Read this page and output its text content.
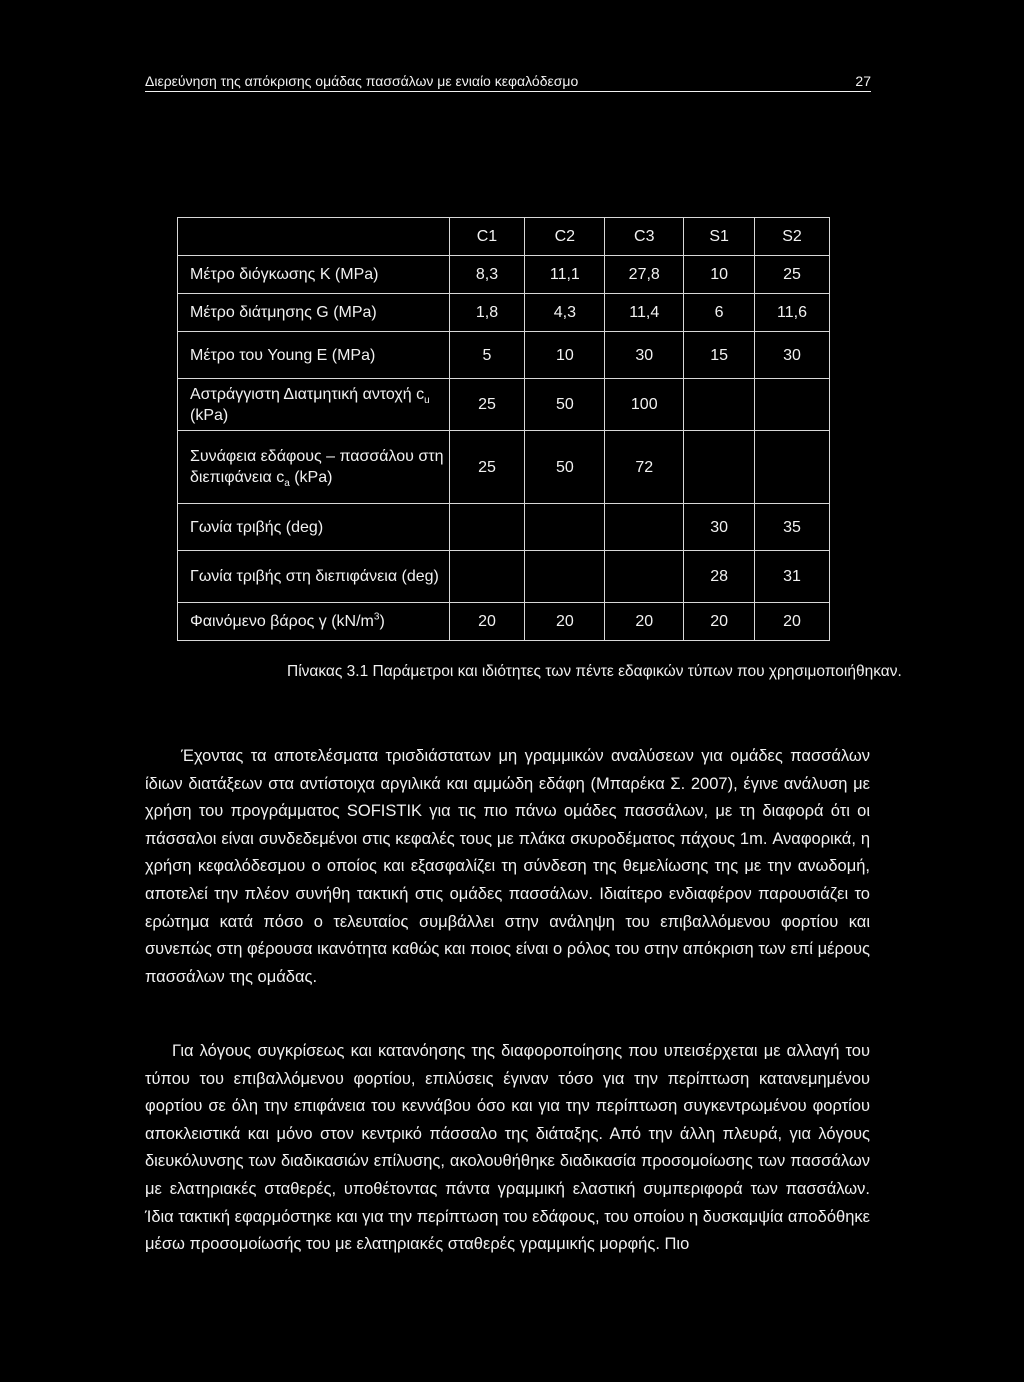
Διερεύνηση της απόκρισης ομάδας πασσάλων με ενιαίο κεφαλόδεσμο	27
	C1	C2	C3	S1	S2
Μέτρο διόγκωσης K (MPa)	8,3	11,1	27,8	10	25
Μέτρο διάτμησης G (MPa)	1,8	4,3	11,4	6	11,6
Μέτρο του Young E (MPa)	5	10	30	15	30
Αστράγγιστη Διατμητική αντοχή $c_u$ (kPa)	25	50	100		
Συνάφεια εδάφους – πασσάλου στη διεπιφάνεια $c_a$ (kPa)	25	50	72		
Γωνία τριβής (deg)				30	35
Γωνία τριβής στη διεπιφάνεια (deg)				28	31
Φαινόμενο βάρος γ $(kN/m^3)$	20	20	20	20	20
Πίνακας 3.1 Παράμετροι και ιδιότητες των πέντε εδαφικών τύπων που χρησιμοποιήθηκαν.

Έχοντας τα αποτελέσματα τρισδιάστατων μη γραμμικών αναλύσεων για ομάδες πασσάλων ίδιων διατάξεων στα αντίστοιχα αργιλικά και αμμώδη εδάφη (Μπαρέκα Σ. 2007), έγινε ανάλυση με χρήση του προγράμματος SOFISTIK για τις πιο πάνω ομάδες πασσάλων, με τη διαφορά ότι οι πάσσαλοι είναι συνδεδεμένοι στις κεφαλές τους με πλάκα σκυροδέματος πάχους 1m. Αναφορικά, η χρήση κεφαλόδεσμου ο οποίος και εξασφαλίζει τη σύνδεση της θεμελίωσης της με την ανωδομή, αποτελεί την πλέον συνήθη τακτική στις ομάδες πασσάλων. Ιδιαίτερο ενδιαφέρον παρουσιάζει το ερώτημα κατά πόσο ο τελευταίος συμβάλλει στην ανάληψη του επιβαλλόμενου φορτίου και συνεπώς στη φέρουσα ικανότητα καθώς και ποιος είναι ο ρόλος του στην απόκριση των επί μέρους πασσάλων της ομάδας.

Για λόγους συγκρίσεως και κατανόησης της διαφοροποίησης που υπεισέρχεται με αλλαγή του τύπου του επιβαλλόμενου φορτίου, επιλύσεις έγιναν τόσο για την περίπτωση κατανεμημένου φορτίου σε όλη την επιφάνεια του κεννάβου όσο και για την περίπτωση συγκεντρωμένου φορτίου αποκλειστικά και μόνο στον κεντρικό πάσσαλο της διάταξης. Από την άλλη πλευρά, για λόγους διευκόλυνσης των διαδικασιών επίλυσης, ακολουθήθηκε διαδικασία προσομοίωσης των πασσάλων με ελατηριακές σταθερές, υποθέτοντας πάντα γραμμική ελαστική συμπεριφορά των πασσάλων. Ίδια τακτική εφαρμόστηκε και για την περίπτωση του εδάφους, του οποίου η δυσκαμψία αποδόθηκε μέσω προσομοίωσής του με ελατηριακές σταθερές γραμμικής μορφής. Πιο
